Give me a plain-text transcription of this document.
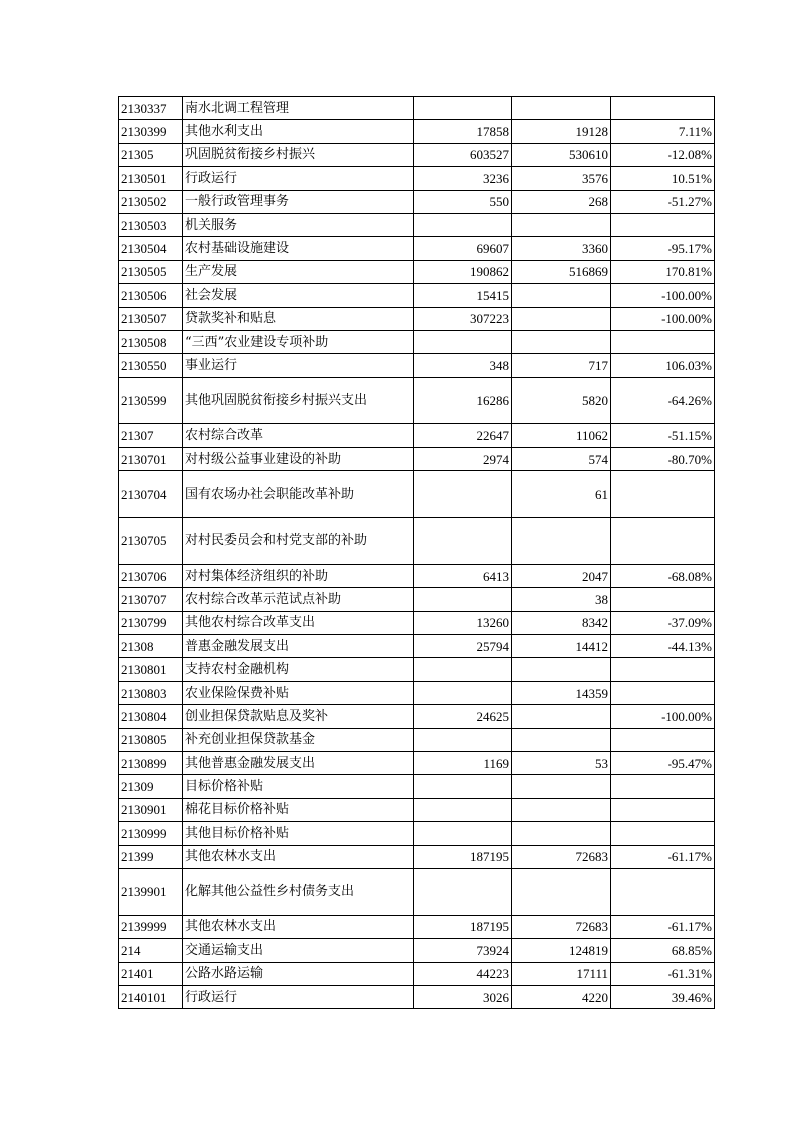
2130337	南水北调工程管理			
2130399	其他水利支出	17858	19128	7.11%
21305	巩固脱贫衔接乡村振兴	603527	530610	-12.08%
2130501	行政运行	3236	3576	10.51%
2130502	一般行政管理事务	550	268	-51.27%
2130503	机关服务			
2130504	农村基础设施建设	69607	3360	-95.17%
2130505	生产发展	190862	516869	170.81%
2130506	社会发展	15415		-100.00%
2130507	贷款奖补和贴息	307223		-100.00%
2130508	“三西”农业建设专项补助			
2130550	事业运行	348	717	106.03%
2130599	其他巩固脱贫衔接乡村振兴支出	16286	5820	-64.26%
21307	农村综合改革	22647	11062	-51.15%
2130701	对村级公益事业建设的补助	2974	574	-80.70%
2130704	国有农场办社会职能改革补助		61	
2130705	对村民委员会和村党支部的补助			
2130706	对村集体经济组织的补助	6413	2047	-68.08%
2130707	农村综合改革示范试点补助		38	
2130799	其他农村综合改革支出	13260	8342	-37.09%
21308	普惠金融发展支出	25794	14412	-44.13%
2130801	支持农村金融机构			
2130803	农业保险保费补贴		14359	
2130804	创业担保贷款贴息及奖补	24625		-100.00%
2130805	补充创业担保贷款基金			
2130899	其他普惠金融发展支出	1169	53	-95.47%
21309	目标价格补贴			
2130901	棉花目标价格补贴			
2130999	其他目标价格补贴			
21399	其他农林水支出	187195	72683	-61.17%
2139901	化解其他公益性乡村债务支出			
2139999	其他农林水支出	187195	72683	-61.17%
214	交通运输支出	73924	124819	68.85%
21401	公路水路运输	44223	17111	-61.31%
2140101	行政运行	3026	4220	39.46%
